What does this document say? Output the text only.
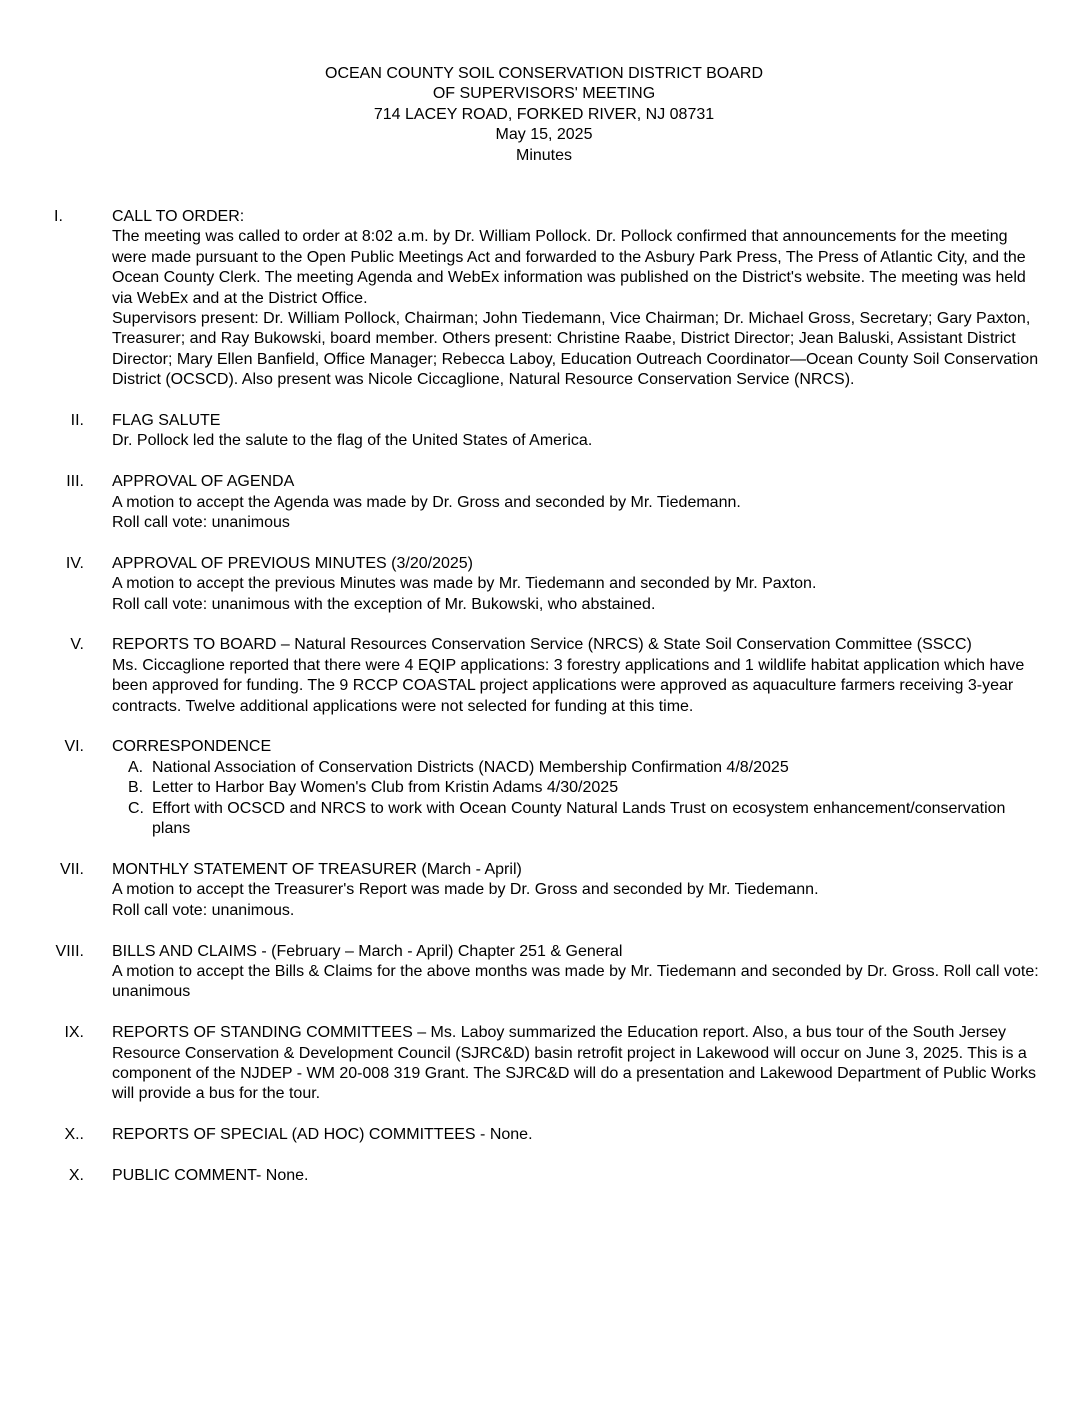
OCEAN COUNTY SOIL CONSERVATION DISTRICT BOARD
OF SUPERVISORS' MEETING
714 LACEY ROAD, FORKED RIVER, NJ 08731
May 15, 2025
Minutes
I.	CALL TO ORDER:
The meeting was called to order at 8:02 a.m. by Dr. William Pollock. Dr. Pollock confirmed that announcements for the meeting were made pursuant to the Open Public Meetings Act and forwarded to the Asbury Park Press, The Press of Atlantic City, and the Ocean County Clerk. The meeting Agenda and WebEx information was published on the District's website. The meeting was held via WebEx and at the District Office.
Supervisors present: Dr. William Pollock, Chairman; John Tiedemann, Vice Chairman; Dr. Michael Gross, Secretary; Gary Paxton, Treasurer; and Ray Bukowski, board member. Others present: Christine Raabe, District Director; Jean Baluski, Assistant District Director; Mary Ellen Banfield, Office Manager; Rebecca Laboy, Education Outreach Coordinator—Ocean County Soil Conservation District (OCSCD). Also present was Nicole Ciccaglione, Natural Resource Conservation Service (NRCS).
II. FLAG SALUTE
Dr. Pollock led the salute to the flag of the United States of America.
III. APPROVAL OF AGENDA
A motion to accept the Agenda was made by Dr. Gross and seconded by Mr. Tiedemann.
Roll call vote: unanimous
IV. APPROVAL OF PREVIOUS MINUTES (3/20/2025)
A motion to accept the previous Minutes was made by Mr. Tiedemann and seconded by Mr. Paxton.
Roll call vote: unanimous with the exception of Mr. Bukowski, who abstained.
V. REPORTS TO BOARD – Natural Resources Conservation Service (NRCS) & State Soil Conservation Committee (SSCC)
Ms. Ciccaglione reported that there were 4 EQIP applications: 3 forestry applications and 1 wildlife habitat application which have been approved for funding. The 9 RCCP COASTAL project applications were approved as aquaculture farmers receiving 3-year contracts. Twelve additional applications were not selected for funding at this time.
VI. CORRESPONDENCE
A. National Association of Conservation Districts (NACD) Membership Confirmation 4/8/2025
B. Letter to Harbor Bay Women's Club from Kristin Adams 4/30/2025
C. Effort with OCSCD and NRCS to work with Ocean County Natural Lands Trust on ecosystem enhancement/conservation plans
VII. MONTHLY STATEMENT OF TREASURER (March - April)
A motion to accept the Treasurer's Report was made by Dr. Gross and seconded by Mr. Tiedemann.
Roll call vote: unanimous.
VIII. BILLS AND CLAIMS - (February – March - April) Chapter 251 & General
A motion to accept the Bills & Claims for the above months was made by Mr. Tiedemann and seconded by Dr. Gross. Roll call vote: unanimous
IX. REPORTS OF STANDING COMMITTEES – Ms. Laboy summarized the Education report. Also, a bus tour of the South Jersey Resource Conservation & Development Council (SJRC&D) basin retrofit project in Lakewood will occur on June 3, 2025. This is a component of the NJDEP - WM 20-008 319 Grant. The SJRC&D will do a presentation and Lakewood Department of Public Works will provide a bus for the tour.
X.. REPORTS OF SPECIAL (AD HOC) COMMITTEES - None.
X. PUBLIC COMMENT- None.
